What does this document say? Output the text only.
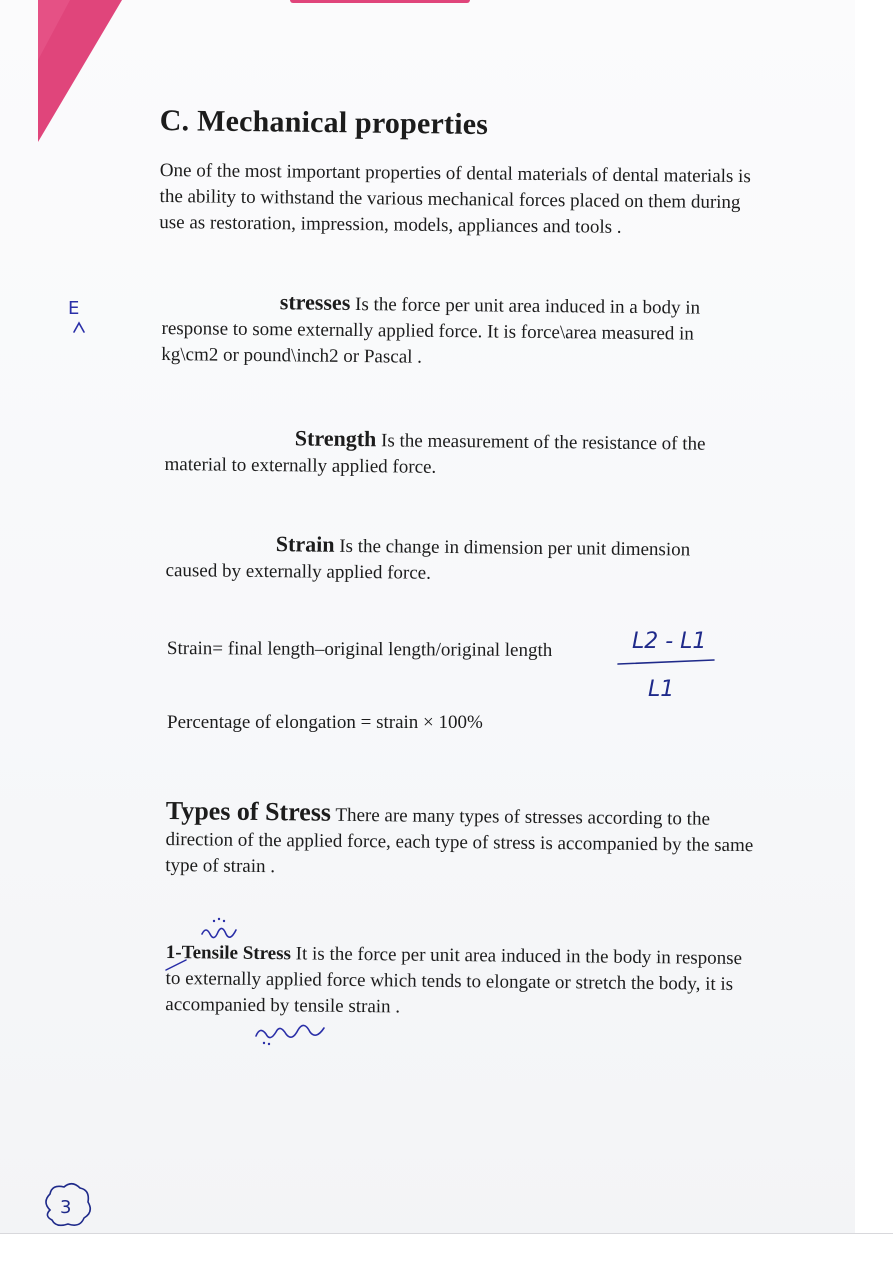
C. Mechanical properties
One of the most important properties of dental materials of dental materials is the ability to withstand the various mechanical forces placed on them during use as restoration, impression, models, appliances and tools .
stresses Is the force per unit area induced in a body in response to some externally applied force. It is force\area measured in kg\cm2 or pound\inch2 or Pascal .
Strength Is the measurement of the resistance of the material to externally applied force.
Strain Is the change in dimension per unit dimension caused by externally applied force.
Strain= final length–original length/original length
Percentage of elongation = strain × 100%
Types of Stress There are many types of stresses according to the direction of the applied force, each type of stress is accompanied by the same type of strain .
1-Tensile Stress It is the force per unit area induced in the body in response to externally applied force which tends to elongate or stretch the body, it is accompanied by tensile strain .
E
L2 - L1
L1
3
